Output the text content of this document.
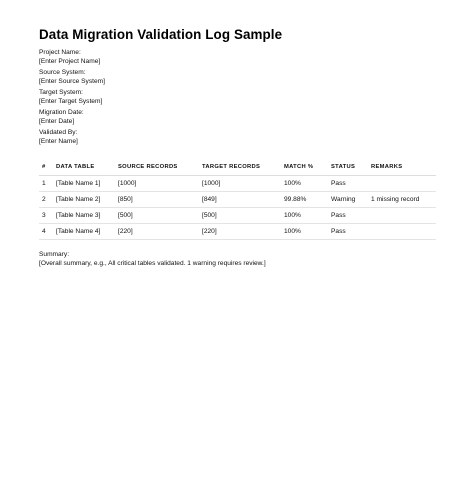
Data Migration Validation Log Sample
Project Name:
[Enter Project Name]
Source System:
[Enter Source System]
Target System:
[Enter Target System]
Migration Date:
[Enter Date]
Validated By:
[Enter Name]
#	DATA TABLE	SOURCE RECORDS	TARGET RECORDS	MATCH %	STATUS	REMARKS
1	[Table Name 1]	[1000]	[1000]	100%	Pass	
2	[Table Name 2]	[850]	[849]	99.88%	Warning	1 missing record
3	[Table Name 3]	[500]	[500]	100%	Pass	
4	[Table Name 4]	[220]	[220]	100%	Pass	
Summary:
[Overall summary, e.g., All critical tables validated. 1 warning requires review.]
